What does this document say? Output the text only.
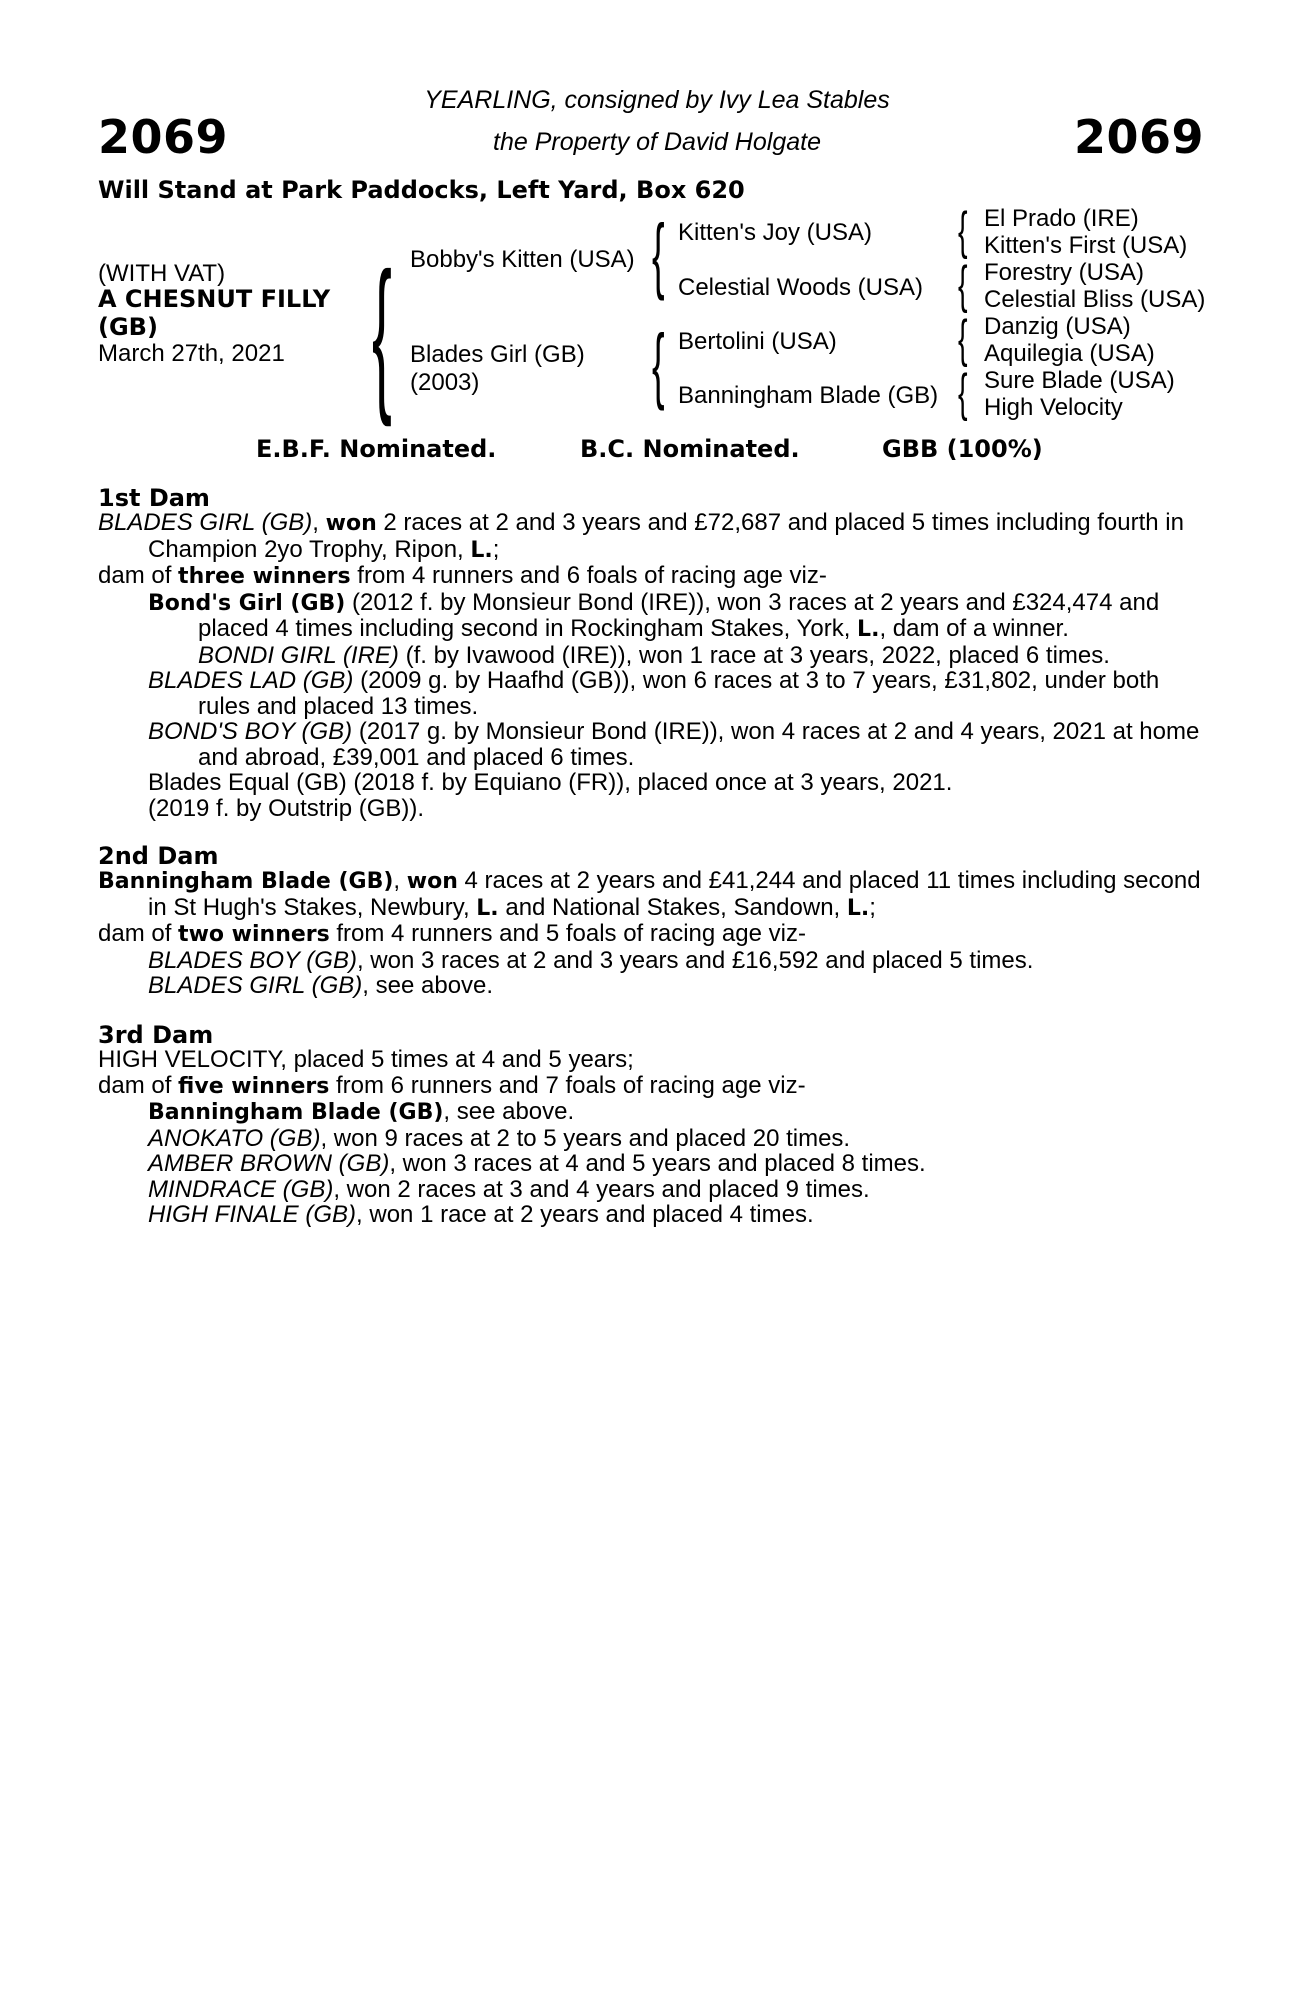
YEARLING, consigned by Ivy Lea Stables
2069	the Property of David Holgate	2069
Will Stand at Park Paddocks, Left Yard, Box 620
(WITH VAT)
A CHESNUT FILLY
(GB)
March 27th, 2021 { Bobby's Kitten (USA)
Blades Girl (GB)
(2003)
{
{
Kitten's Joy (USA)
Celestial Woods (USA)
Bertolini (USA)
Banningham Blade (GB)
{
{
{
{
El Prado (IRE)
Kitten's First (USA)
Forestry (USA)
Celestial Bliss (USA)
Danzig (USA)
Aquilegia (USA)
Sure Blade (USA)
High Velocity
E.B.F. Nominated.	B.C. Nominated.	GBB (100%)
1st Dam

BLADES GIRL (GB), won 2 races at 2 and 3 years and £72,687 and placed 5 times including fourth in Champion 2yo Trophy, Ripon, L.;

dam of three winners from 4 runners and 6 foals of racing age viz-

Bond's Girl (GB) (2012 f. by Monsieur Bond (IRE)), won 3 races at 2 years and £324,474 and placed 4 times including second in Rockingham Stakes, York, L., dam of a winner.

BONDI GIRL (IRE) (f. by Ivawood (IRE)), won 1 race at 3 years, 2022, placed 6 times.

BLADES LAD (GB) (2009 g. by Haafhd (GB)), won 6 races at 3 to 7 years, £31,802, under both rules and placed 13 times.

BOND'S BOY (GB) (2017 g. by Monsieur Bond (IRE)), won 4 races at 2 and 4 years, 2021 at home and abroad, £39,001 and placed 6 times.

Blades Equal (GB) (2018 f. by Equiano (FR)), placed once at 3 years, 2021.

(2019 f. by Outstrip (GB)).

2nd Dam

Banningham Blade (GB), won 4 races at 2 years and £41,244 and placed 11 times including second in St Hugh's Stakes, Newbury, L. and National Stakes, Sandown, L.;

dam of two winners from 4 runners and 5 foals of racing age viz-

BLADES BOY (GB), won 3 races at 2 and 3 years and £16,592 and placed 5 times.

BLADES GIRL (GB), see above.

3rd Dam

HIGH VELOCITY, placed 5 times at 4 and 5 years;

dam of five winners from 6 runners and 7 foals of racing age viz-

Banningham Blade (GB), see above.

ANOKATO (GB), won 9 races at 2 to 5 years and placed 20 times.

AMBER BROWN (GB), won 3 races at 4 and 5 years and placed 8 times.

MINDRACE (GB), won 2 races at 3 and 4 years and placed 9 times.

HIGH FINALE (GB), won 1 race at 2 years and placed 4 times.
